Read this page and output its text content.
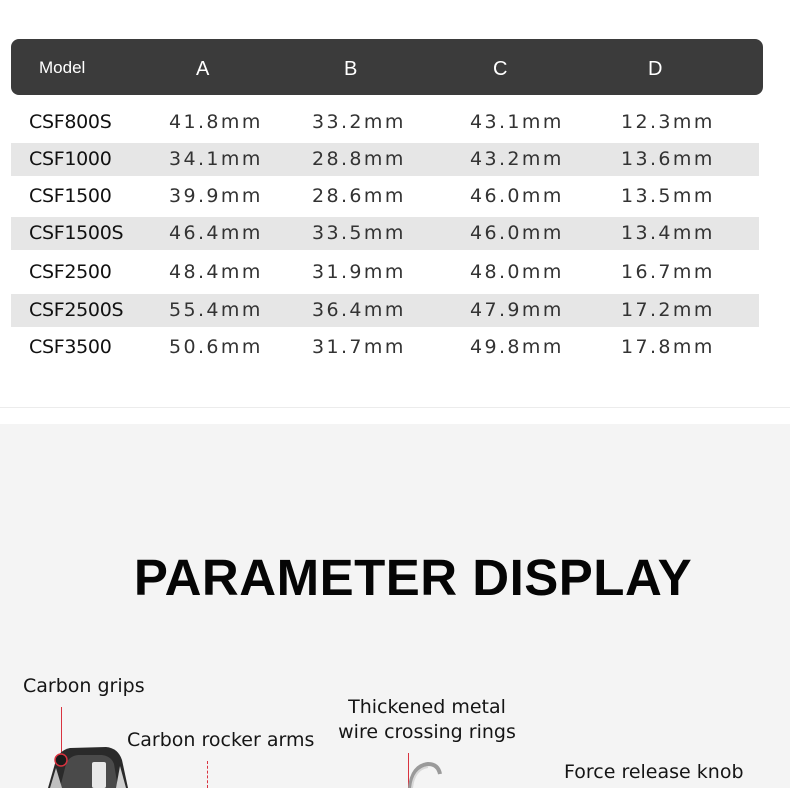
Model	A	B	C	D
CSF800S	41.8mm	33.2mm	43.1mm	12.3mm
CSF1000	34.1mm	28.8mm	43.2mm	13.6mm
CSF1500	39.9mm	28.6mm	46.0mm	13.5mm
CSF1500S 46.4mm	33.5mm	46.0mm	13.4mm
CSF2500	48.4mm	31.9mm	48.0mm	16.7mm
CSF2500S 55.4mm	36.4mm	47.9mm	17.2mm
CSF3500	50.6mm	31.7mm	49.8mm	17.8mm
PARAMETER DISPLAY
Carbon grips
Carbon rocker arms
Thickened metal
wire crossing rings
Force release knob
